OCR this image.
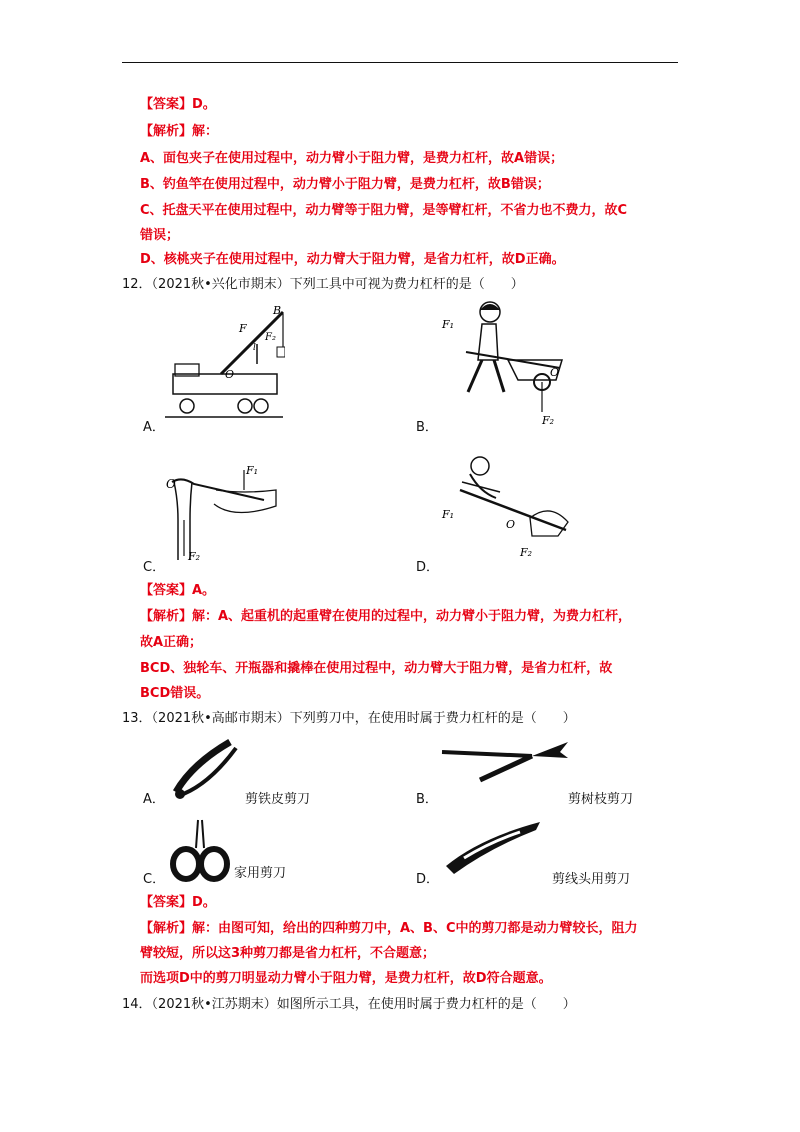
【答案】D。
【解析】解：
A、面包夹子在使用过程中，动力臂小于阻力臂，是费力杠杆，故A错误；
B、钓鱼竿在使用过程中，动力臂小于阻力臂，是费力杠杆，故B错误；
C、托盘天平在使用过程中，动力臂等于阻力臂，是等臂杠杆，不省力也不费力，故C
错误；
D、核桃夹子在使用过程中，动力臂大于阻力臂，是省力杠杆，故D正确。
12．（2021秋•兴化市期末）下列工具中可视为费力杠杆的是（　　）
F
B
F₂
l
O
A．
F₁
O
F₂
B．
O
F₁
F₂
C．
F₁
O
F₂
D．
【答案】A。
【解析】解：A、起重机的起重臂在使用的过程中，动力臂小于阻力臂，为费力杠杆，
故A正确；
BCD、独轮车、开瓶器和撬棒在使用过程中，动力臂大于阻力臂，是省力杠杆，故
BCD错误。
13．（2021秋•高邮市期末）下列剪刀中，在使用时属于费力杠杆的是（　　）
A．	剪铁皮剪刀	B．	剪树枝剪刀
C．	家用剪刀	D．	剪线头用剪刀
【答案】D。
【解析】解：由图可知，给出的四种剪刀中，A、B、C中的剪刀都是动力臂较长，阻力
臂较短，所以这3种剪刀都是省力杠杆，不合题意；
而选项D中的剪刀明显动力臂小于阻力臂，是费力杠杆，故D符合题意。
14．（2021秋•江苏期末）如图所示工具，在使用时属于费力杠杆的是（　　）
